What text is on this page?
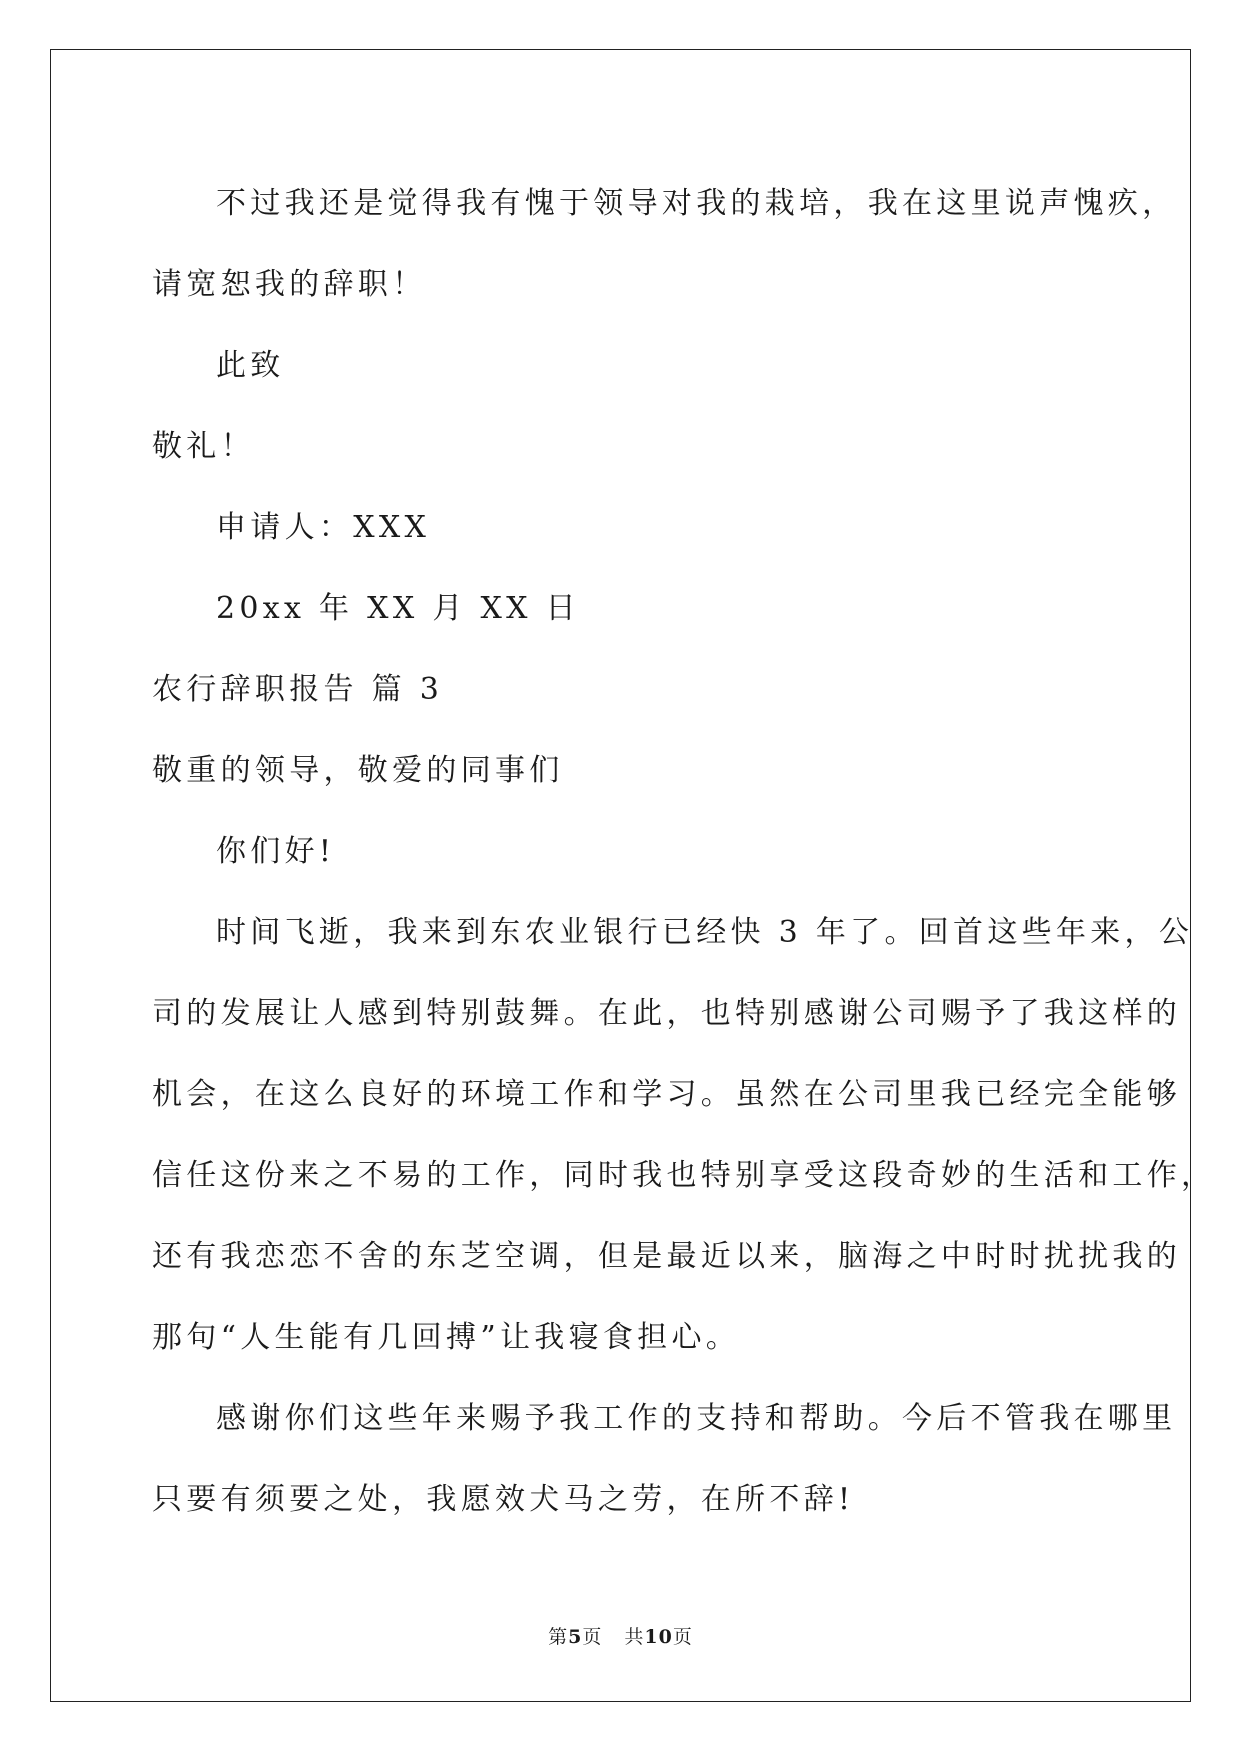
不过我还是觉得我有愧于领导对我的栽培，我在这里说声愧疚，

请宽恕我的辞职！

此致

敬礼！

申请人：XXX

20xx 年 XX 月 XX 日

农行辞职报告 篇 3

敬重的领导，敬爱的同事们

你们好!

时间飞逝，我来到东农业银行已经快 3 年了。回首这些年来，公

司的发展让人感到特别鼓舞。在此，也特别感谢公司赐予了我这样的

机会，在这么良好的环境工作和学习。虽然在公司里我已经完全能够

信任这份来之不易的工作，同时我也特别享受这段奇妙的生活和工作，

还有我恋恋不舍的东芝空调，但是最近以来，脑海之中时时扰扰我的

那句“人生能有几回搏”让我寝食担心。

感谢你们这些年来赐予我工作的支持和帮助。今后不管我在哪里

只要有须要之处，我愿效犬马之劳，在所不辞!

第5页 共10页
